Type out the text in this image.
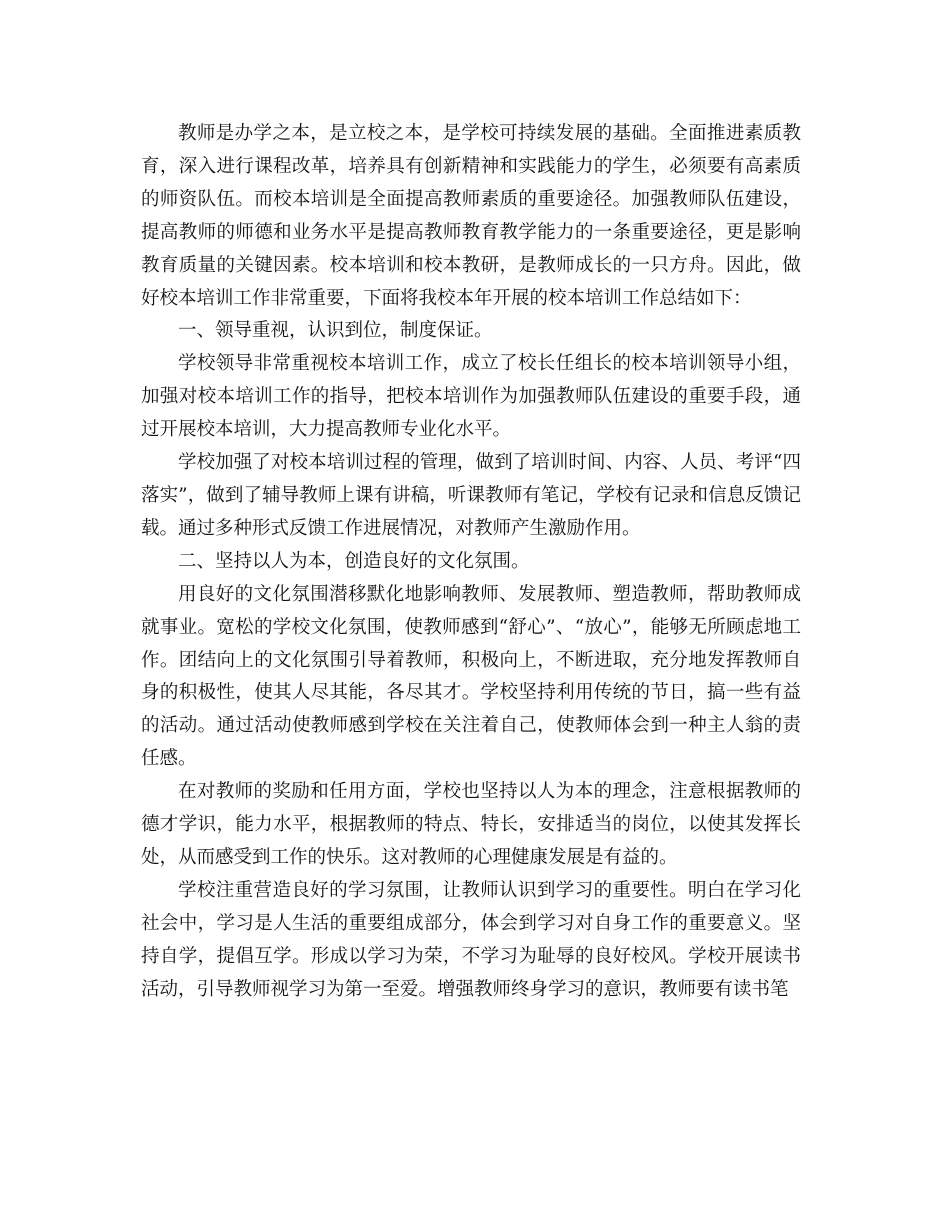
教师是办学之本，是立校之本，是学校可持续发展的基础。全面推进素质教育，深入进行课程改革，培养具有创新精神和实践能力的学生，必须要有高素质的师资队伍。而校本培训是全面提高教师素质的重要途径。加强教师队伍建设，提高教师的师德和业务水平是提高教师教育教学能力的一条重要途径，更是影响教育质量的关键因素。校本培训和校本教研，是教师成长的一只方舟。因此，做好校本培训工作非常重要，下面将我校本年开展的校本培训工作总结如下：

一、领导重视，认识到位，制度保证。

学校领导非常重视校本培训工作，成立了校长任组长的校本培训领导小组，加强对校本培训工作的指导，把校本培训作为加强教师队伍建设的重要手段，通过开展校本培训，大力提高教师专业化水平。

学校加强了对校本培训过程的管理，做到了培训时间、内容、人员、考评“四落实”，做到了辅导教师上课有讲稿，听课教师有笔记，学校有记录和信息反馈记载。通过多种形式反馈工作进展情况，对教师产生激励作用。

二、坚持以人为本，创造良好的文化氛围。

用良好的文化氛围潜移默化地影响教师、发展教师、塑造教师，帮助教师成就事业。宽松的学校文化氛围，使教师感到“舒心”、“放心”，能够无所顾虑地工作。团结向上的文化氛围引导着教师，积极向上，不断进取，充分地发挥教师自身的积极性，使其人尽其能，各尽其才。学校坚持利用传统的节日，搞一些有益的活动。通过活动使教师感到学校在关注着自己，使教师体会到一种主人翁的责任感。

在对教师的奖励和任用方面，学校也坚持以人为本的理念，注意根据教师的德才学识，能力水平，根据教师的特点、特长，安排适当的岗位，以使其发挥长处，从而感受到工作的快乐。这对教师的心理健康发展是有益的。

学校注重营造良好的学习氛围，让教师认识到学习的重要性。明白在学习化社会中，学习是人生活的重要组成部分，体会到学习对自身工作的重要意义。坚持自学，提倡互学。形成以学习为荣，不学习为耻辱的良好校风。学校开展读书活动，引导教师视学习为第一至爱。增强教师终身学习的意识，教师要有读书笔
